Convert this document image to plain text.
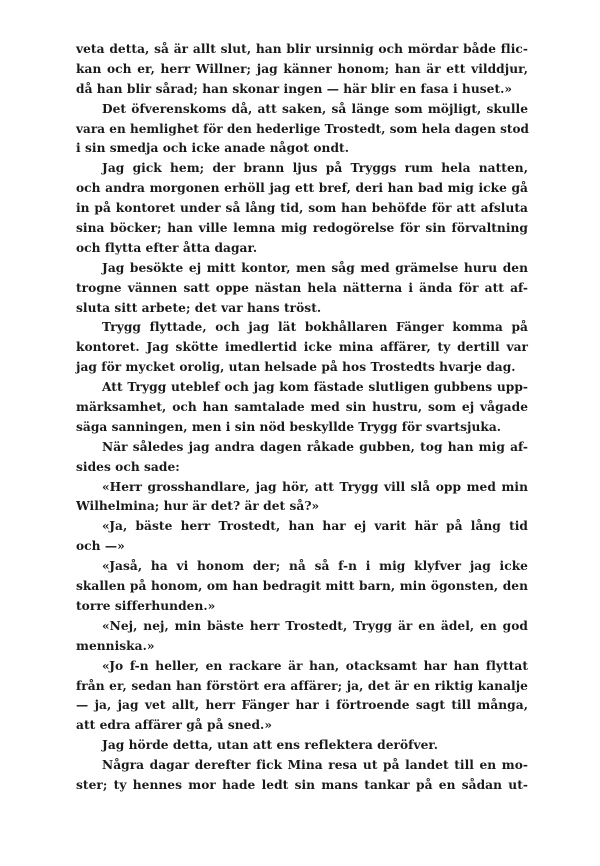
veta detta, så är allt slut, han blir ursinnig och mördar både flic-
kan och er, herr Willner; jag känner honom; han är ett vilddjur,
då han blir sårad; han skonar ingen — här blir en fasa i huset.»
Det öfverenskoms då, att saken, så länge som möjligt, skulle
vara en hemlighet för den hederlige Trostedt, som hela dagen stod
i sin smedja och icke anade något ondt.
Jag gick hem; der brann ljus på Tryggs rum hela natten,
och andra morgonen erhöll jag ett bref, deri han bad mig icke gå
in på kontoret under så lång tid, som han behöfde för att afsluta
sina böcker; han ville lemna mig redogörelse för sin förvaltning
och flytta efter åtta dagar.
Jag besökte ej mitt kontor, men såg med grämelse huru den
trogne vännen satt oppe nästan hela nätterna i ända för att af-
sluta sitt arbete; det var hans tröst.
Trygg flyttade, och jag lät bokhållaren Fänger komma på
kontoret. Jag skötte imedlertid icke mina affärer, ty dertill var
jag för mycket orolig, utan helsade på hos Trostedts hvarje dag.
Att Trygg uteblef och jag kom fästade slutligen gubbens upp-
märksamhet, och han samtalade med sin hustru, som ej vågade
säga sanningen, men i sin nöd beskyllde Trygg för svartsjuka.
När således jag andra dagen råkade gubben, tog han mig af-
sides och sade:
«Herr grosshandlare, jag hör, att Trygg vill slå opp med min
Wilhelmina; hur är det? är det så?»
«Ja, bäste herr Trostedt, han har ej varit här på lång tid
och —»
«Jaså, ha vi honom der; nå så f-n i mig klyfver jag icke
skallen på honom, om han bedragit mitt barn, min ögonsten, den
torre sifferhunden.»
«Nej, nej, min bäste herr Trostedt, Trygg är en ädel, en god
menniska.»
«Jo f-n heller, en rackare är han, otacksamt har han flyttat
från er, sedan han förstört era affärer; ja, det är en riktig kanalje
— ja, jag vet allt, herr Fänger har i förtroende sagt till många,
att edra affärer gå på sned.»
Jag hörde detta, utan att ens reflektera deröfver.
Några dagar derefter fick Mina resa ut på landet till en mo-
ster; ty hennes mor hade ledt sin mans tankar på en sådan ut-
